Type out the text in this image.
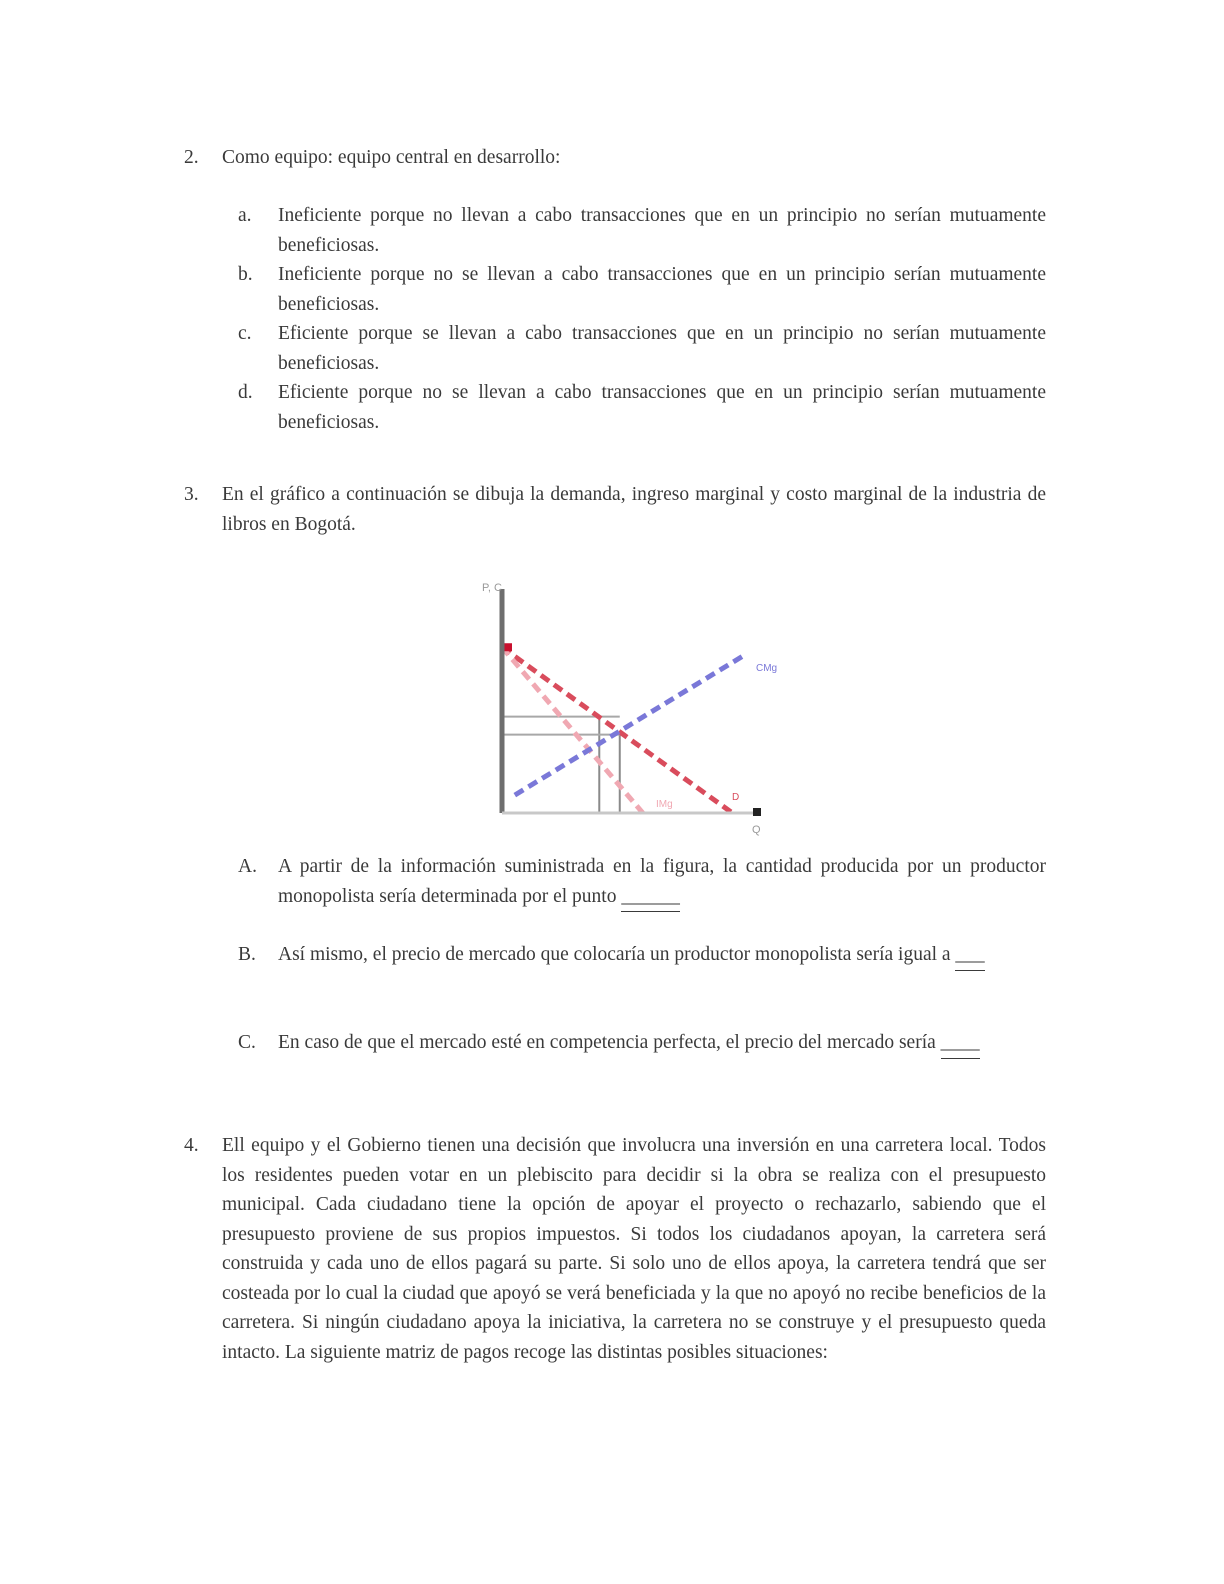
2. Como equipo: equipo central en desarrollo:
a. Ineficiente porque no llevan a cabo transacciones que en un principio no serían mutuamente beneficiosas.
b. Ineficiente porque no se llevan a cabo transacciones que en un principio serían mutuamente beneficiosas.
c. Eficiente porque se llevan a cabo transacciones que en un principio no serían mutuamente beneficiosas.
d. Eficiente porque no se llevan a cabo transacciones que en un principio serían mutuamente beneficiosas.
3. En el gráfico a continuación se dibuja la demanda, ingreso marginal y costo marginal de la industria de libros en Bogotá.
P, C
Q
CMg
IMg
D
A. A partir de la información suministrada en la figura, la cantidad producida por un productor monopolista sería determinada por el punto ______
B. Así mismo, el precio de mercado que colocaría un productor monopolista sería igual a ___
C. En caso de que el mercado esté en competencia perfecta, el precio del mercado sería ____
4. Ell equipo y el Gobierno tienen una decisión que involucra una inversión en una carretera local. Todos los residentes pueden votar en un plebiscito para decidir si la obra se realiza con el presupuesto municipal. Cada ciudadano tiene la opción de apoyar el proyecto o rechazarlo, sabiendo que el presupuesto proviene de sus propios impuestos. Si todos los ciudadanos apoyan, la carretera será construida y cada uno de ellos pagará su parte. Si solo uno de ellos apoya, la carretera tendrá que ser costeada por lo cual la ciudad que apoyó se verá beneficiada y la que no apoyó no recibe beneficios de la carretera. Si ningún ciudadano apoya la iniciativa, la carretera no se construye y el presupuesto queda intacto. La siguiente matriz de pagos recoge las distintas posibles situaciones:
